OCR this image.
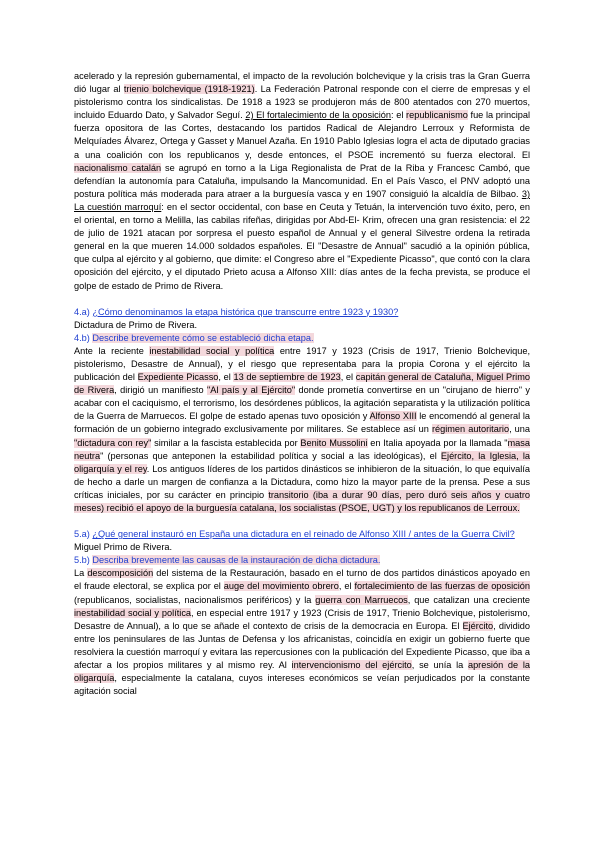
acelerado y la represión gubernamental, el impacto de la revolución bolchevique y la crisis tras la Gran Guerra dió lugar al trienio bolchevique (1918-1921). La Federación Patronal responde con el cierre de empresas y el pistolerismo contra los sindicalistas. De 1918 a 1923 se produjeron más de 800 atentados con 270 muertos, incluido Eduardo Dato, y Salvador Seguí. 2) El fortalecimiento de la oposición: el republicanismo fue la principal fuerza opositora de las Cortes, destacando los partidos Radical de Alejandro Lerroux y Reformista de Melquíades Álvarez, Ortega y Gasset y Manuel Azaña. En 1910 Pablo Iglesias logra el acta de diputado gracias a una coalición con los republicanos y, desde entonces, el PSOE incrementó su fuerza electoral. El nacionalismo catalán se agrupó en torno a la Liga Regionalista de Prat de la Riba y Francesc Cambó, que defendían la autonomía para Cataluña, impulsando la Mancomunidad. En el País Vasco, el PNV adoptó una postura política más moderada para atraer a la burguesía vasca y en 1907 consiguió la alcaldía de Bilbao. 3) La cuestión marroquí: en el sector occidental, con base en Ceuta y Tetuán, la intervención tuvo éxito, pero, en el oriental, en torno a Melilla, las cabilas rifeñas, dirigidas por Abd-El- Krim, ofrecen una gran resistencia: el 22 de julio de 1921 atacan por sorpresa el puesto español de Annual y el general Silvestre ordena la retirada general en la que mueren 14.000 soldados españoles. El "Desastre de Annual" sacudió a la opinión pública, que culpa al ejército y al gobierno, que dimite: el Congreso abre el "Expediente Picasso", que contó con la clara oposición del ejército, y el diputado Prieto acusa a Alfonso XIII: días antes de la fecha prevista, se produce el golpe de estado de Primo de Rivera.

4.a) ¿Cómo denominamos la etapa histórica que transcurre entre 1923 y 1930?

Dictadura de Primo de Rivera.

4.b) Describe brevemente cómo se estableció dicha etapa.

Ante la reciente inestabilidad social y política entre 1917 y 1923 (Crisis de 1917, Trienio Bolchevique, pistolerismo, Desastre de Annual), y el riesgo que representaba para la propia Corona y el ejército la publicación del Expediente Picasso, el 13 de septiembre de 1923, el capitán general de Cataluña, Miguel Primo de Rivera, dirigió un manifiesto "Al país y al Ejército" donde prometía convertirse en un "cirujano de hierro" y acabar con el caciquismo, el terrorismo, los desórdenes públicos, la agitación separatista y la utilización política de la Guerra de Marruecos. El golpe de estado apenas tuvo oposición y Alfonso XIII le encomendó al general la formación de un gobierno integrado exclusivamente por militares. Se establece así un régimen autoritario, una "dictadura con rey" similar a la fascista establecida por Benito Mussolini en Italia apoyada por la llamada "masa neutra" (personas que anteponen la estabilidad política y social a las ideológicas), el Ejército, la Iglesia, la oligarquía y el rey. Los antiguos líderes de los partidos dinásticos se inhibieron de la situación, lo que equivalía de hecho a darle un margen de confianza a la Dictadura, como hizo la mayor parte de la prensa. Pese a sus críticas iniciales, por su carácter en principio transitorio (iba a durar 90 días, pero duró seis años y cuatro meses) recibió el apoyo de la burguesía catalana, los socialistas (PSOE, UGT) y los republicanos de Lerroux.

5.a) ¿Qué general instauró en España una dictadura en el reinado de Alfonso XIII / antes de la Guerra Civil?

Miguel Primo de Rivera.

5.b) Describa brevemente las causas de la instauración de dicha dictadura.

La descomposición del sistema de la Restauración, basado en el turno de dos partidos dinásticos apoyado en el fraude electoral, se explica por el auge del movimiento obrero, el fortalecimiento de las fuerzas de oposición (republicanos, socialistas, nacionalismos periféricos) y la guerra con Marruecos, que catalizan una creciente inestabilidad social y política, en especial entre 1917 y 1923 (Crisis de 1917, Trienio Bolchevique, pistolerismo, Desastre de Annual), a lo que se añade el contexto de crisis de la democracia en Europa. El Ejército, dividido entre los peninsulares de las Juntas de Defensa y los africanistas, coincidía en exigir un gobierno fuerte que resolviera la cuestión marroquí y evitara las repercusiones con la publicación del Expediente Picasso, que iba a afectar a los propios militares y al mismo rey. Al intervencionismo del ejército, se unía la apresión de la oligarquía, especialmente la catalana, cuyos intereses económicos se veían perjudicados por la constante agitación social
